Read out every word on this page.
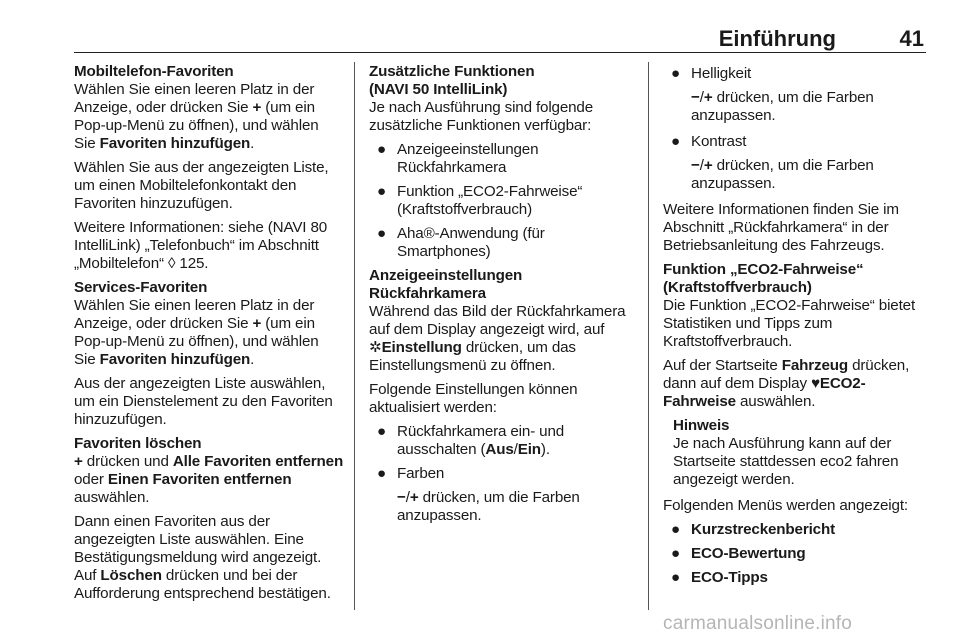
Einführung	41

Mobiltelefon-Favoriten

Wählen Sie einen leeren Platz in der Anzeige, oder drücken Sie + (um ein Pop-up-Menü zu öffnen), und wählen Sie Favoriten hinzufügen.

Wählen Sie aus der angezeigten Liste, um einen Mobiltelefonkontakt den Favoriten hinzuzufügen.

Weitere Informationen: siehe (NAVI 80 IntelliLink) „Telefonbuch“ im Abschnitt „Mobiltelefon“ ◊ 125.

Services-Favoriten

Wählen Sie einen leeren Platz in der Anzeige, oder drücken Sie + (um ein Pop-up-Menü zu öffnen), und wählen Sie Favoriten hinzufügen.

Aus der angezeigten Liste auswählen, um ein Dienstelement zu den Favoriten hinzuzufügen.

Favoriten löschen

+ drücken und Alle Favoriten entfernen oder Einen Favoriten entfernen auswählen.

Dann einen Favoriten aus der angezeigten Liste auswählen. Eine Bestätigungsmeldung wird angezeigt. Auf Löschen drücken und bei der Aufforderung entsprechend bestätigen.

Zusätzliche Funktionen

(NAVI 50 IntelliLink)

Je nach Ausführung sind folgende zusätzliche Funktionen verfügbar:

● Anzeigeeinstellungen Rückfahrkamera
● Funktion „ECO2-Fahrweise“ (Kraftstoffverbrauch)
● Aha®-Anwendung (für Smartphones)

Anzeigeeinstellungen Rückfahrkamera

Während das Bild der Rückfahrkamera auf dem Display angezeigt wird, auf ✲Einstellung drücken, um das Einstellungsmenü zu öffnen.

Folgende Einstellungen können aktualisiert werden:

● Rückfahrkamera ein- und ausschalten (Aus/Ein).
● Farben

−/+ drücken, um die Farben anzupassen.

● Helligkeit

−/+ drücken, um die Farben anzupassen.

● Kontrast

−/+ drücken, um die Farben anzupassen.

Weitere Informationen finden Sie im Abschnitt „Rückfahrkamera“ in der Betriebsanleitung des Fahrzeugs.

Funktion „ECO2-Fahrweise“ (Kraftstoffverbrauch)

Die Funktion „ECO2-Fahrweise“ bietet Statistiken und Tipps zum Kraftstoffverbrauch.

Auf der Startseite Fahrzeug drücken, dann auf dem Display ♥ECO2-Fahrweise auswählen.

Hinweis
Je nach Ausführung kann auf der Startseite stattdessen eco2 fahren angezeigt werden.

Folgenden Menüs werden angezeigt:

● Kurzstreckenbericht
● ECO-Bewertung
● ECO-Tipps
carmanualsonline.info
